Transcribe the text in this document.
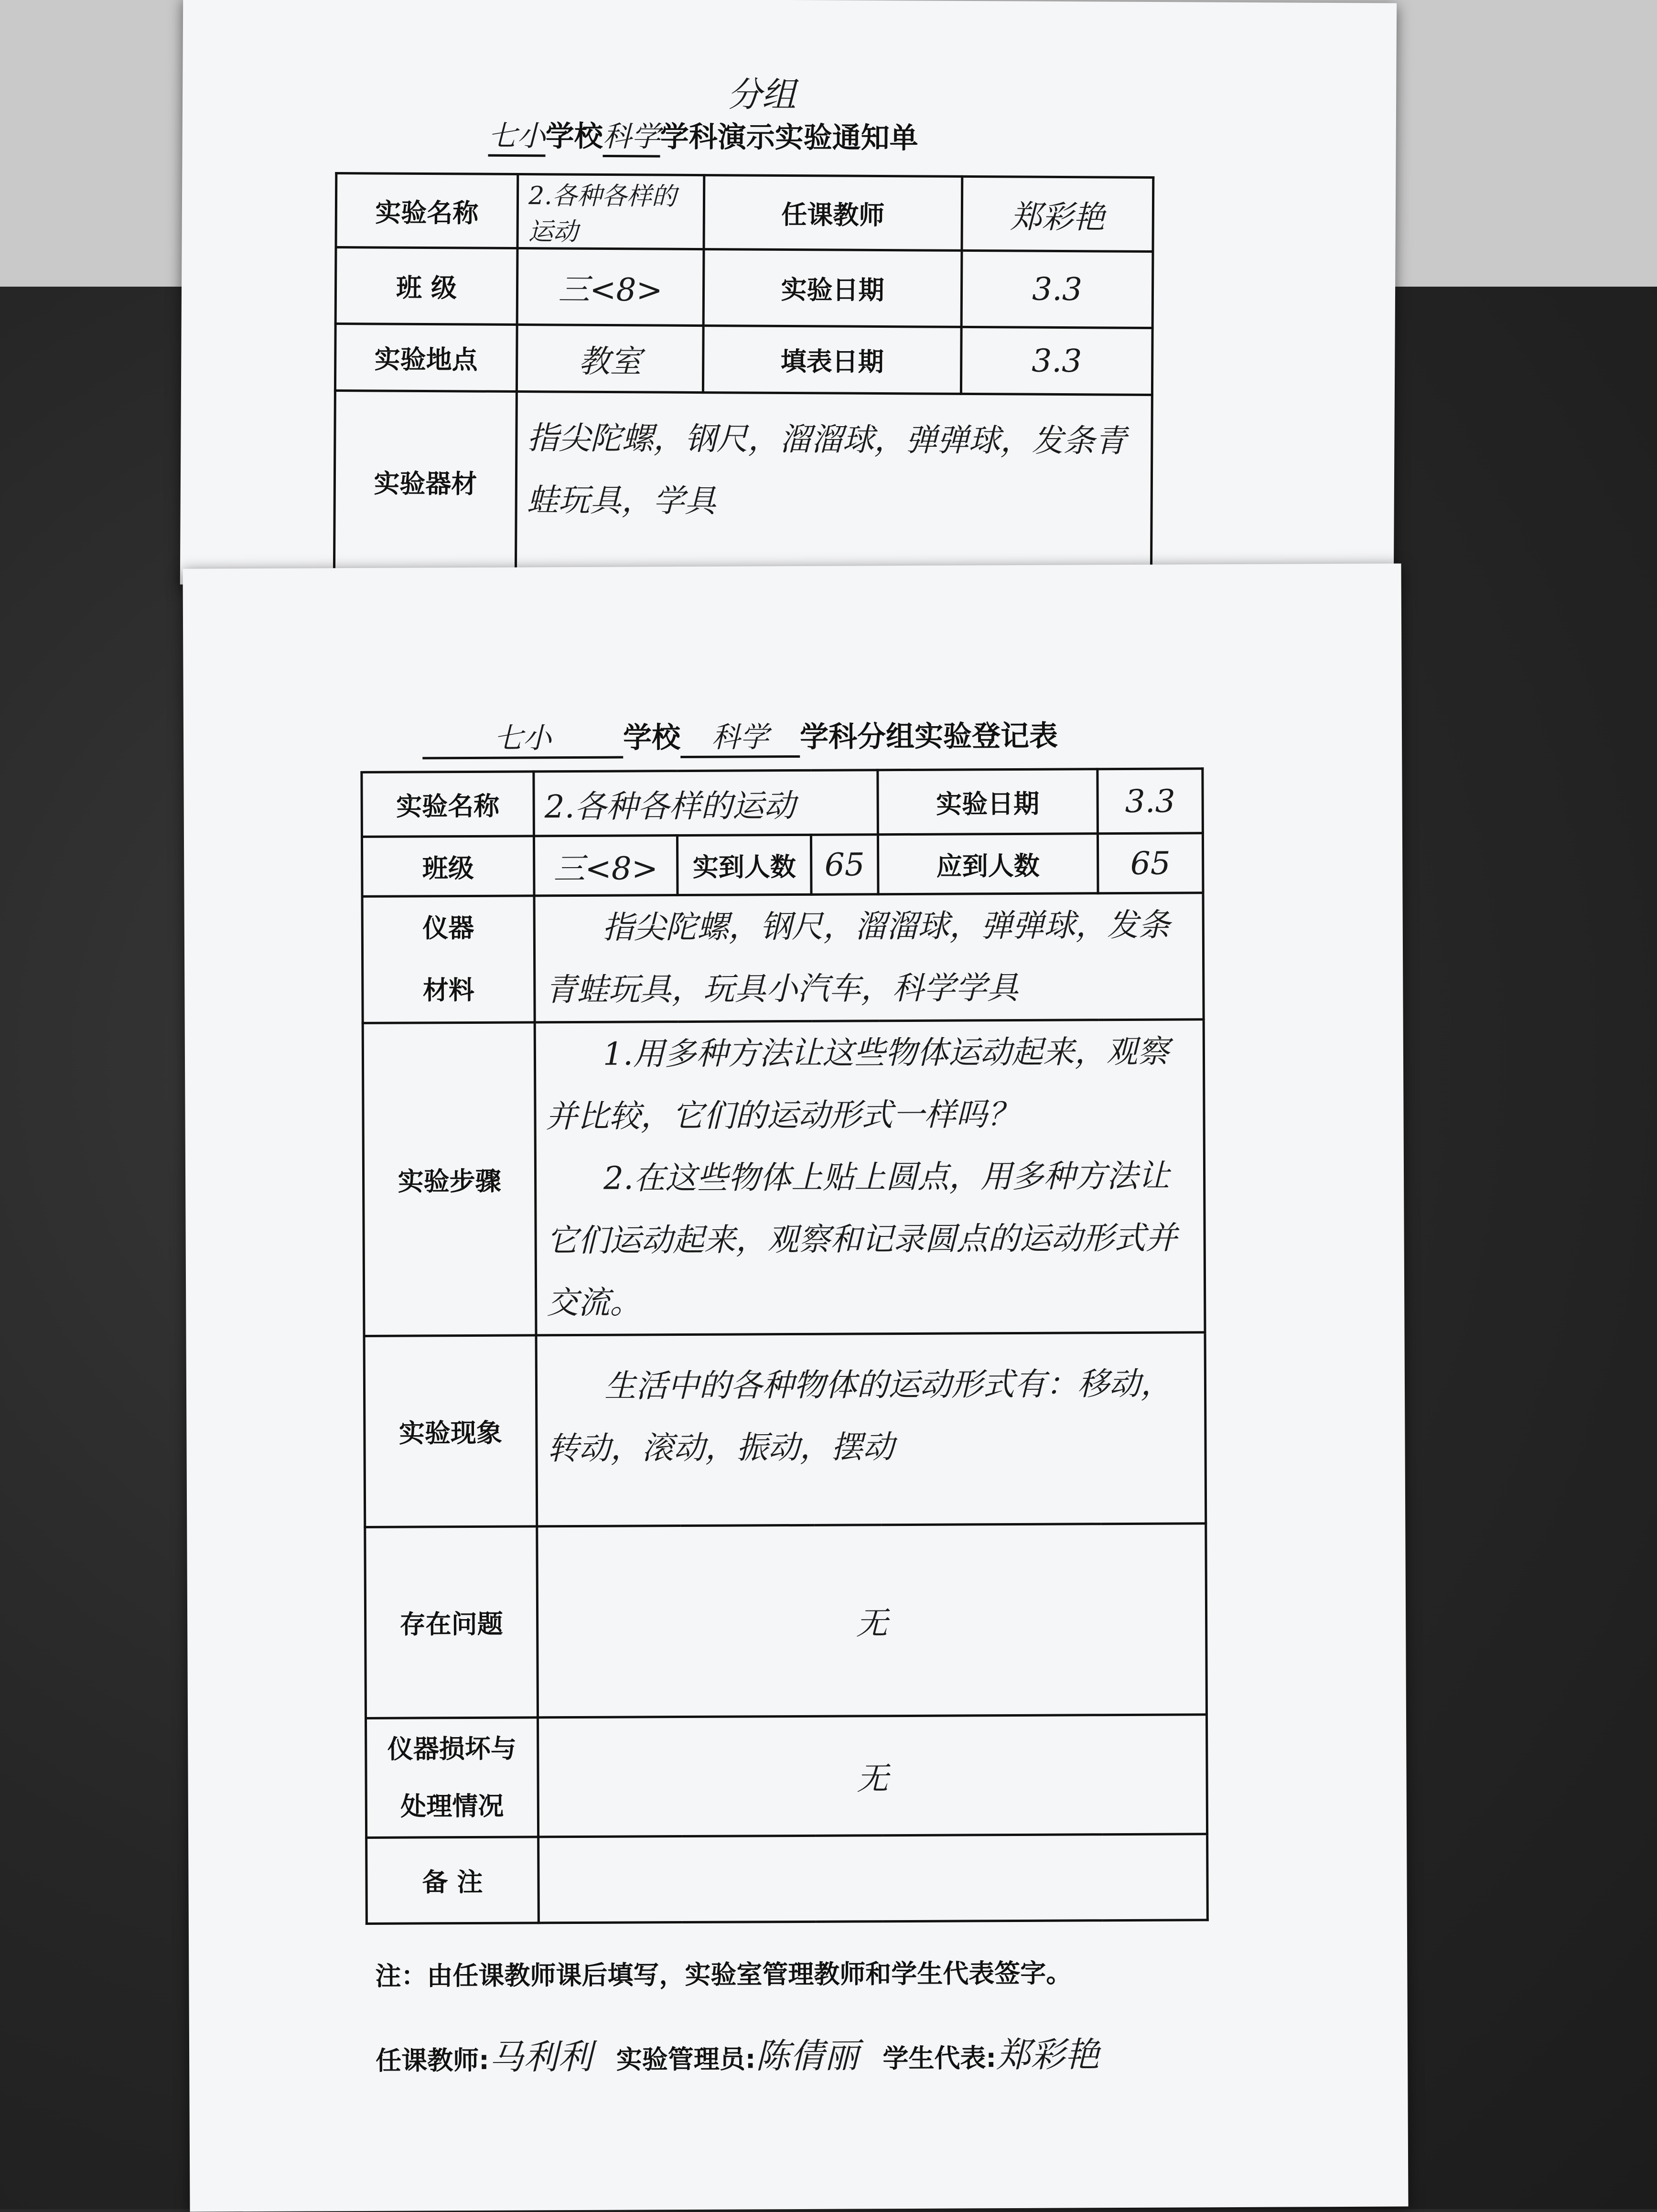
分组
七小学校科学学科演示实验通知单
实验名称	2.各种各样的运动	任课教师	郑彩艳
班 级	三<8>	实验日期	3.3
实验地点	教室	填表日期	3.3
实验器材	指尖陀螺，钢尺，溜溜球，弹弹球，发条青蛙玩具，学具		
七小 学校 科学 学科分组实验登记表
实验名称	2.各种各样的运动			实验日期	3.3
班级	三<8>	实到人数	65	应到人数	65

仪器
材料	指尖陀螺，钢尺，溜溜球，弹弹球，发条青蛙玩具，玩具小汽车，科学学具				

实验步骤	1.用多种方法让这些物体运动起来，观察并比较，它们的运动形式一样吗？
2.在这些物体上贴上圆点，用多种方法让它们运动起来，观察和记录圆点的运动形式并交流。				

实验现象	生活中的各种物体的运动形式有：移动，转动，滚动，振动，摆动				

存在问题	无				

仪器损坏与
处理情况	无				
备 注					
注：由任课教师课后填写，实验室管理教师和学生代表签字。
任课教师:马利利 实验管理员:陈倩丽 学生代表:郑彩艳
